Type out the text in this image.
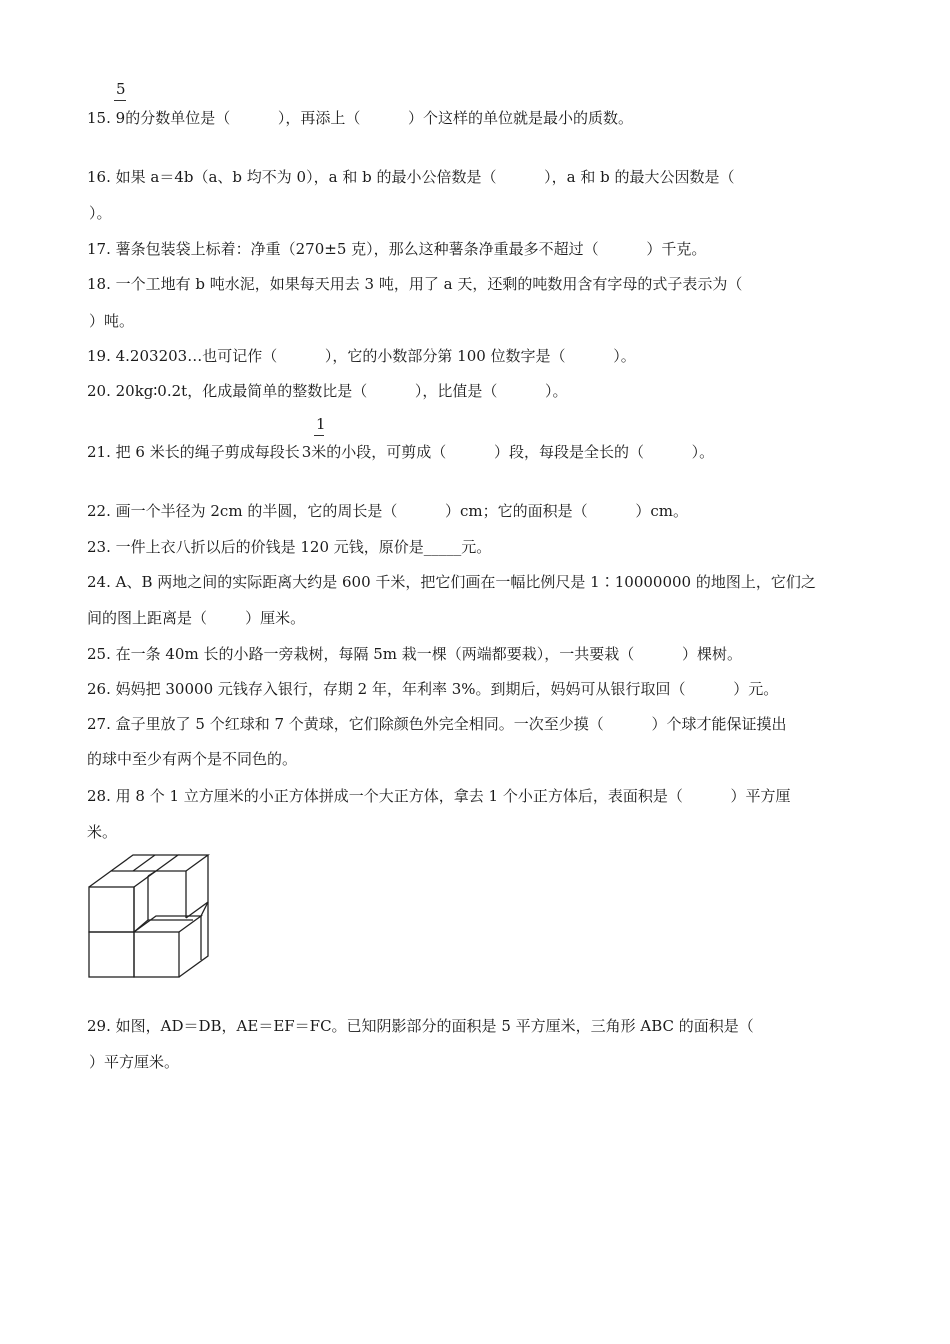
5

15. 9的分数单位是（          ），再添上（          ）个这样的单位就是最小的质数。

16. 如果 a＝4b（a、b 均不为 0），a 和 b 的最小公倍数是（          ），a 和 b 的最大公因数是（

）。

17. 薯条包装袋上标着：净重（270±5 克），那么这种薯条净重最多不超过（          ）千克。

18. 一个工地有 b 吨水泥，如果每天用去 3 吨，用了 a 天，还剩的吨数用含有字母的式子表示为（

）吨。

19. 4.203203…也可记作（          ），它的小数部分第 100 位数字是（          ）。

20. 20kg∶0.2t，化成最简单的整数比是（          ），比值是（          ）。

1

21. 把 6 米长的绳子剪成每段长 3米的小段，可剪成（          ）段，每段是全长的（          ）。

22. 画一个半径为 2cm 的半圆，它的周长是（          ）cm；它的面积是（          ）cm。

23. 一件上衣八折以后的价钱是 120 元钱，原价是_____元。

24. A、B 两地之间的实际距离大约是 600 千米，把它们画在一幅比例尺是 1∶10000000 的地图上，它们之

间的图上距离是（        ）厘米。

25. 在一条 40m 长的小路一旁栽树，每隔 5m 栽一棵（两端都要栽），一共要栽（          ）棵树。

26. 妈妈把 30000 元钱存入银行，存期 2 年，年利率 3%。到期后，妈妈可从银行取回（          ）元。

27. 盒子里放了 5 个红球和 7 个黄球，它们除颜色外完全相同。一次至少摸（          ）个球才能保证摸出

的球中至少有两个是不同色的。

28. 用 8 个 1 立方厘米的小正方体拼成一个大正方体，拿去 1 个小正方体后，表面积是（          ）平方厘

米。

29. 如图，AD＝DB，AE＝EF＝FC。已知阴影部分的面积是 5 平方厘米，三角形 ABC 的面积是（

）平方厘米。
